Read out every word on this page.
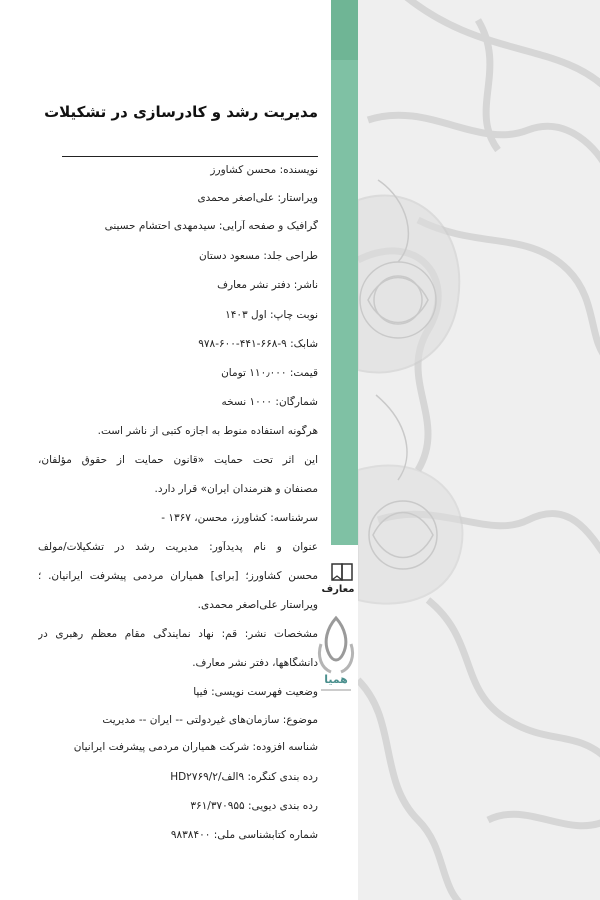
معارف
همیا
مدیریت رشد و کادرسازی در تشکیلات
نویسنده: محسن کشاورز
ویراستار: علی‌اصغر محمدی
گرافیک و صفحه آرایی: سیدمهدی احتشام حسینی
طراحی جلد: مسعود دستان
ناشر: دفتر نشر معارف
نوبت چاپ: اول ۱۴۰۳
شابک: ۹-۶۶۸-۴۴۱-۶۰۰-۹۷۸
قیمت: ۱۱۰٫۰۰۰ تومان
شمارگان: ۱۰۰۰ نسخه
هرگونه استفاده منوط به اجازه کتبی از ناشر است.
این اثر تحت حمایت «قانون حمایت از حقوق مؤلفان،
مصنفان و هنرمندان ایران» قرار دارد.
سرشناسه: کشاورز، محسن، ۱۳۶۷ -
عنوان و نام پدیدآور: مدیریت رشد در تشکیلات/مولف
محسن کشاورز؛ [برای] همیاران مردمی پیشرفت ایرانیان. ؛
ویراستار علی‌اصغر محمدی.
مشخصات نشر: قم: نهاد نمایندگی مقام معظم رهبری در
دانشگاهها، دفتر نشر معارف.
وضعیت فهرست نویسی: فیپا
موضوع: سازمان‌های غیردولتی -- ایران -- مدیریت
شناسه افزوده: شرکت همیاران مردمی پیشرفت ایرانیان
رده بندی کنگره: ۹الف/۲/HD۲۷۶۹
رده بندی دیویی: ۳۶۱/۳۷۰۹۵۵
شماره کتابشناسی ملی: ۹۸۳۸۴۰۰
